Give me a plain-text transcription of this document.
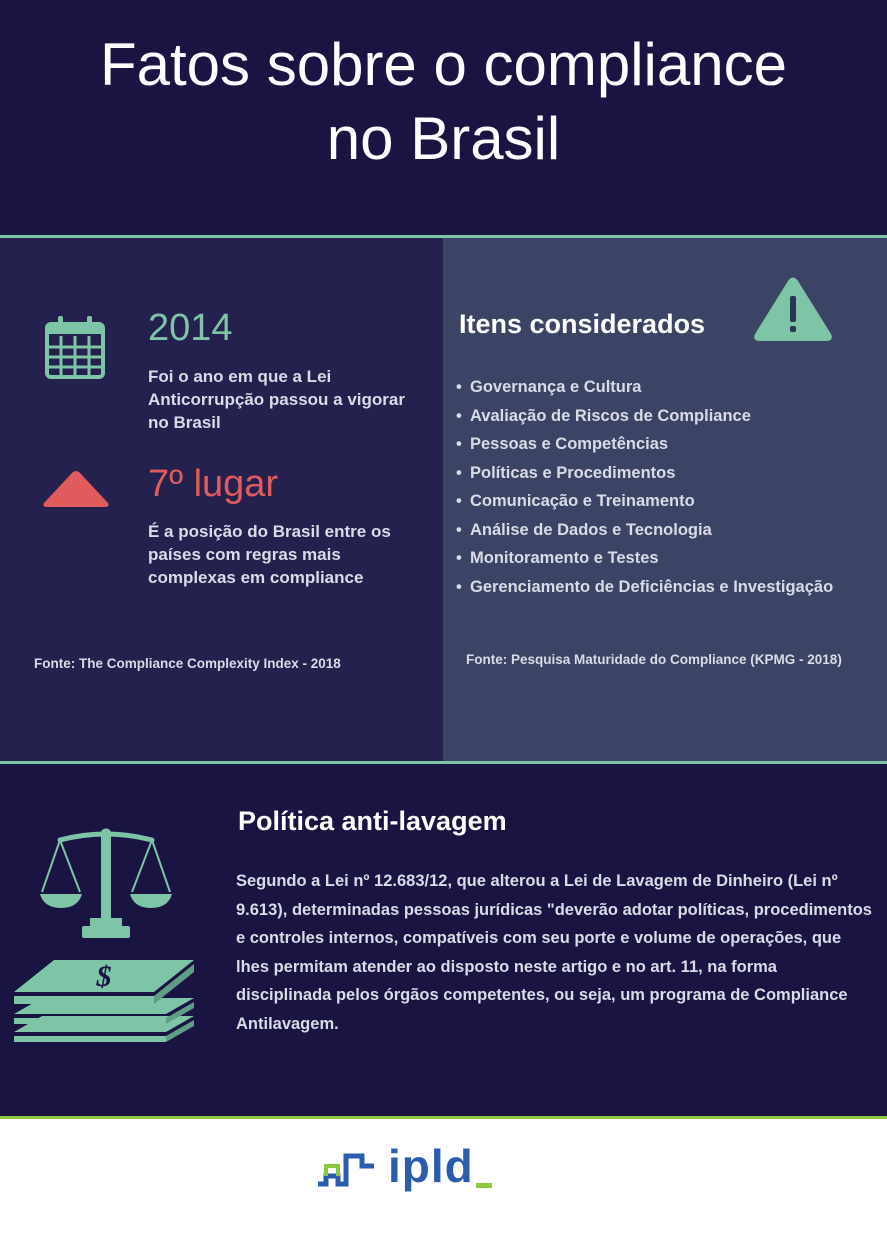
Fatos sobre o compliance
no Brasil
2014
Foi o ano em que a Lei Anticorrupção passou a vigorar no Brasil
7º lugar
É a posição do Brasil entre os países com regras mais complexas em compliance
Fonte: The Compliance Complexity Index - 2018
Itens considerados
• Governança e Cultura
• Avaliação de Riscos de Compliance
• Pessoas e Competências
• Políticas e Procedimentos
• Comunicação e Treinamento
• Análise de Dados e Tecnologia
• Monitoramento e Testes
• Gerenciamento de Deficiências e Investigação
Fonte: Pesquisa Maturidade do Compliance (KPMG - 2018)
$
Política anti-lavagem
Segundo a Lei nº 12.683/12, que alterou a Lei de Lavagem de Dinheiro (Lei nº 9.613), determinadas pessoas jurídicas "deverão adotar políticas, procedimentos e controles internos, compatíveis com seu porte e volume de operações, que lhes permitam atender ao disposto neste artigo e no art. 11, na forma disciplinada pelos órgãos competentes, ou seja, um programa de Compliance Antilavagem.
ipld
